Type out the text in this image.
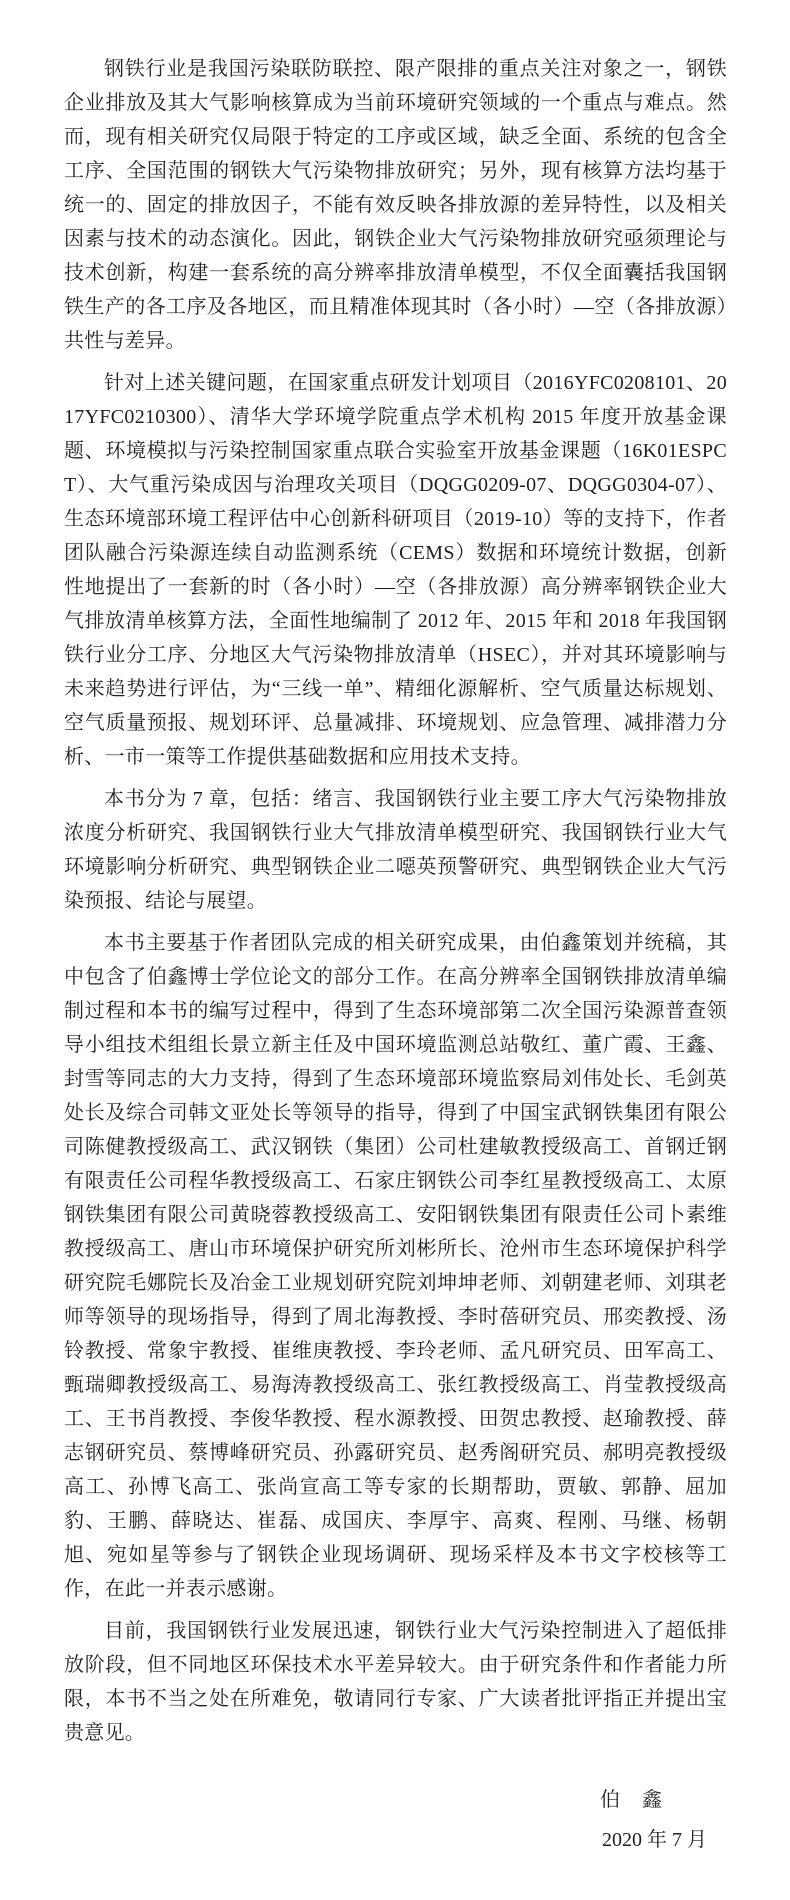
钢铁行业是我国污染联防联控、限产限排的重点关注对象之一，钢铁企业排放及其大气影响核算成为当前环境研究领域的一个重点与难点。然而，现有相关研究仅局限于特定的工序或区域，缺乏全面、系统的包含全工序、全国范围的钢铁大气污染物排放研究；另外，现有核算方法均基于统一的、固定的排放因子，不能有效反映各排放源的差异特性，以及相关因素与技术的动态演化。因此，钢铁企业大气污染物排放研究亟须理论与技术创新，构建一套系统的高分辨率排放清单模型，不仅全面囊括我国钢铁生产的各工序及各地区，而且精准体现其时（各小时）—空（各排放源）共性与差异。

针对上述关键问题，在国家重点研发计划项目（2016YFC0208101、2017YFC0210300）、清华大学环境学院重点学术机构 2015 年度开放基金课题、环境模拟与污染控制国家重点联合实验室开放基金课题（16K01ESPCT）、大气重污染成因与治理攻关项目（DQGG0209-07、DQGG0304-07）、生态环境部环境工程评估中心创新科研项目（2019-10）等的支持下，作者团队融合污染源连续自动监测系统（CEMS）数据和环境统计数据，创新性地提出了一套新的时（各小时）—空（各排放源）高分辨率钢铁企业大气排放清单核算方法，全面性地编制了 2012 年、2015 年和 2018 年我国钢铁行业分工序、分地区大气污染物排放清单（HSEC），并对其环境影响与未来趋势进行评估，为“三线一单”、精细化源解析、空气质量达标规划、空气质量预报、规划环评、总量减排、环境规划、应急管理、减排潜力分析、一市一策等工作提供基础数据和应用技术支持。

本书分为 7 章，包括：绪言、我国钢铁行业主要工序大气污染物排放浓度分析研究、我国钢铁行业大气排放清单模型研究、我国钢铁行业大气环境影响分析研究、典型钢铁企业二噁英预警研究、典型钢铁企业大气污染预报、结论与展望。

本书主要基于作者团队完成的相关研究成果，由伯鑫策划并统稿，其中包含了伯鑫博士学位论文的部分工作。在高分辨率全国钢铁排放清单编制过程和本书的编写过程中，得到了生态环境部第二次全国污染源普查领导小组技术组组长景立新主任及中国环境监测总站敬红、董广霞、王鑫、封雪等同志的大力支持，得到了生态环境部环境监察局刘伟处长、毛剑英处长及综合司韩文亚处长等领导的指导，得到了中国宝武钢铁集团有限公司陈健教授级高工、武汉钢铁（集团）公司杜建敏教授级高工、首钢迁钢有限责任公司程华教授级高工、石家庄钢铁公司李红星教授级高工、太原钢铁集团有限公司黄晓蓉教授级高工、安阳钢铁集团有限责任公司卜素维教授级高工、唐山市环境保护研究所刘彬所长、沧州市生态环境保护科学研究院毛娜院长及冶金工业规划研究院刘坤坤老师、刘朝建老师、刘琪老师等领导的现场指导，得到了周北海教授、李时蓓研究员、邢奕教授、汤铃教授、常象宇教授、崔维庚教授、李玲老师、孟凡研究员、田军高工、甄瑞卿教授级高工、易海涛教授级高工、张红教授级高工、肖莹教授级高工、王书肖教授、李俊华教授、程水源教授、田贺忠教授、赵瑜教授、薛志钢研究员、蔡博峰研究员、孙露研究员、赵秀阁研究员、郝明亮教授级高工、孙博飞高工、张尚宣高工等专家的长期帮助，贾敏、郭静、屈加豹、王鹏、薛晓达、崔磊、成国庆、李厚宇、高爽、程刚、马继、杨朝旭、宛如星等参与了钢铁企业现场调研、现场采样及本书文字校核等工作，在此一并表示感谢。

目前，我国钢铁行业发展迅速，钢铁行业大气污染控制进入了超低排放阶段，但不同地区环保技术水平差异较大。由于研究条件和作者能力所限，本书不当之处在所难免，敬请同行专家、广大读者批评指正并提出宝贵意见。

伯　鑫
2020 年 7 月
